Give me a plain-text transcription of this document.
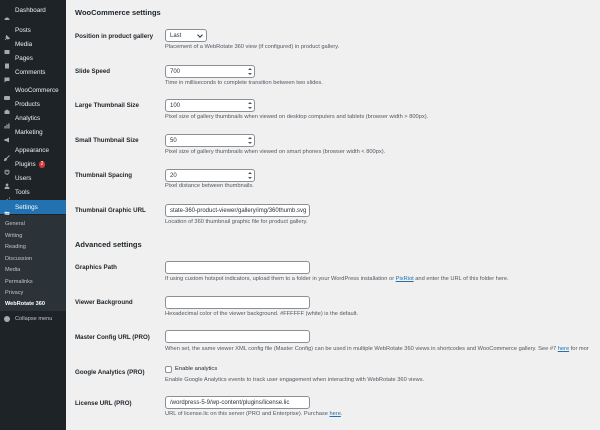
Dashboard
Posts
Media
Pages
Comments
WooCommerce
Products
Analytics
Marketing
Appearance
Plugins	2
Users
Tools
Settings
General
Writing
Reading
Discussion
Media
Permalinks
Privacy
WebRotate 360
Collapse menu
WooCommerce settings
Position in product gallery	Last
Placement of a WebRotate 360 view (if configured) in product gallery.
Slide Speed	700
Time in milliseconds to complete transition between two slides.
Large Thumbnail Size	100
Pixel size of gallery thumbnails when viewed on desktop computers and tablets (browser width > 800px).
Small Thumbnail Size	50
Pixel size of gallery thumbnails when viewed on smart phones (browser width < 800px).
Thumbnail Spacing	20
Pixel distance between thumbnails.
Thumbnail Graphic URL	state-360-product-viewer/gallery/img/360thumb.svg
Location of 360 thumbnail graphic file for product gallery.
Advanced settings
Graphics Path
If using custom hotspot indicators, upload them to a folder in your WordPress installation or PixRiot and enter the URL of this folder here.
Viewer Background
Hexadecimal color of the viewer background. #FFFFFF (white) is the default.
Master Config URL (PRO)
When set, the same viewer XML config file (Master Config) can be used in multiple WebRotate 360 views in shortcodes and WooCommerce gallery. See #7 here for mor
Google Analytics (PRO)	Enable analytics
Enable Google Analytics events to track user engagement when interacting with WebRotate 360 views.
License URL (PRO)	/wordpress-5-9/wp-content/plugins/license.lic
URL of license.lic on this server (PRO and Enterprise). Purchase here.
